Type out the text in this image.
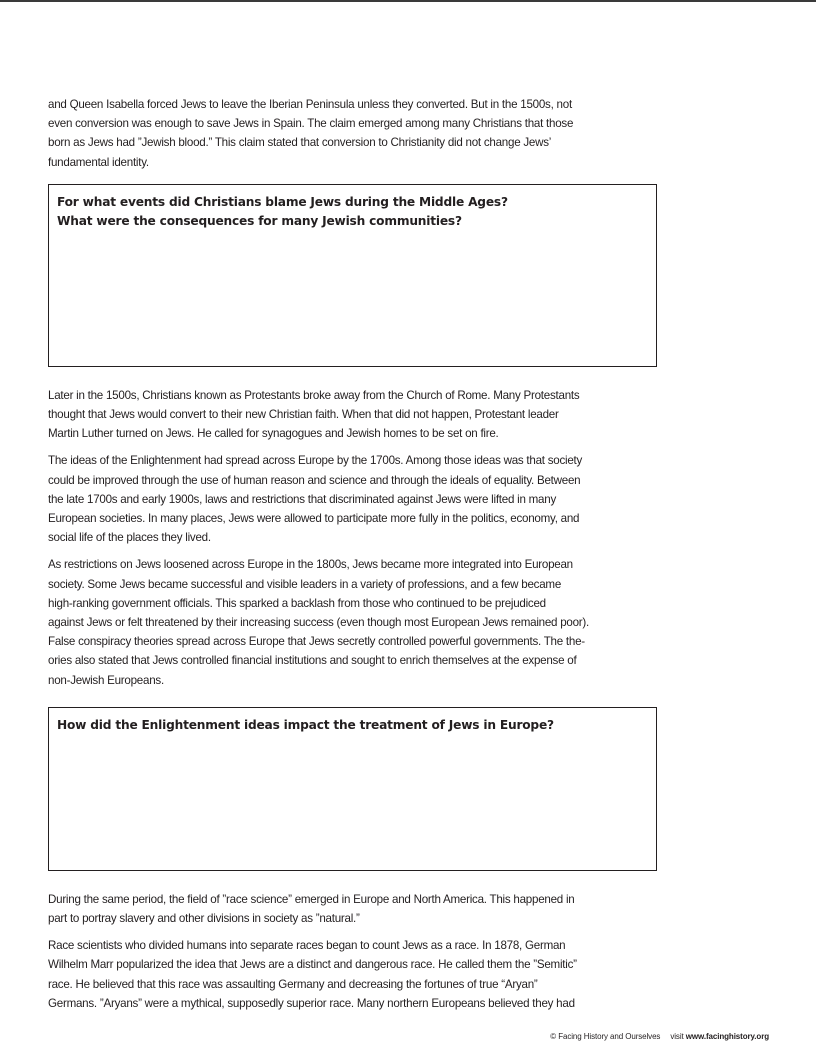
and Queen Isabella forced Jews to leave the Iberian Peninsula unless they converted. But in the 1500s, not
even conversion was enough to save Jews in Spain. The claim emerged among many Christians that those
born as Jews had ”Jewish blood.” This claim stated that conversion to Christianity did not change Jews’
fundamental identity.

For what events did Christians blame Jews during the Middle Ages?
What were the consequences for many Jewish communities?

Later in the 1500s, Christians known as Protestants broke away from the Church of Rome. Many Protestants
thought that Jews would convert to their new Christian faith. When that did not happen, Protestant leader
Martin Luther turned on Jews. He called for synagogues and Jewish homes to be set on fire.

The ideas of the Enlightenment had spread across Europe by the 1700s. Among those ideas was that society
could be improved through the use of human reason and science and through the ideals of equality. Between
the late 1700s and early 1900s, laws and restrictions that discriminated against Jews were lifted in many
European societies. In many places, Jews were allowed to participate more fully in the politics, economy, and
social life of the places they lived.

As restrictions on Jews loosened across Europe in the 1800s, Jews became more integrated into European
society. Some Jews became successful and visible leaders in a variety of professions, and a few became
high-ranking government officials. This sparked a backlash from those who continued to be prejudiced
against Jews or felt threatened by their increasing success (even though most European Jews remained poor).
False conspiracy theories spread across Europe that Jews secretly controlled powerful governments. The the-
ories also stated that Jews controlled financial institutions and sought to enrich themselves at the expense of
non-Jewish Europeans.

How did the Enlightenment ideas impact the treatment of Jews in Europe?

During the same period, the field of ”race science” emerged in Europe and North America. This happened in
part to portray slavery and other divisions in society as ”natural.”

Race scientists who divided humans into separate races began to count Jews as a race. In 1878, German
Wilhelm Marr popularized the idea that Jews are a distinct and dangerous race. He called them the ”Semitic”
race. He believed that this race was assaulting Germany and decreasing the fortunes of true “Aryan”
Germans. ”Aryans” were a mythical, supposedly superior race. Many northern Europeans believed they had

© Facing History and Ourselves visit www.facinghistory.org
